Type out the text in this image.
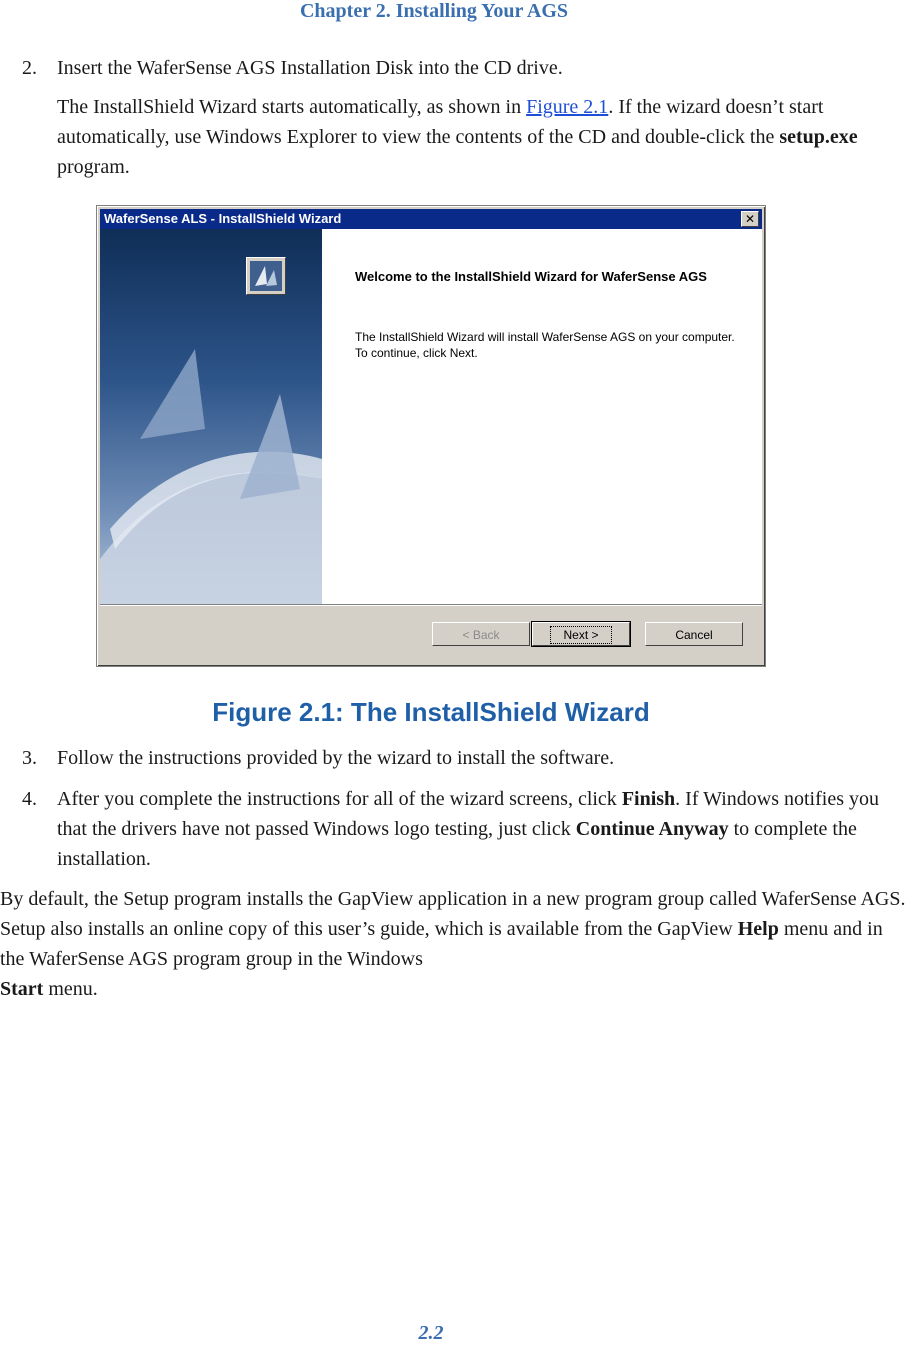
Chapter 2. Installing Your AGS
2.	Insert the WaferSense AGS Installation Disk into the CD drive.
The InstallShield Wizard starts automatically, as shown in Figure 2.1. If the wizard doesn’t start automatically, use Windows Explorer to view the contents of the CD and double-click the setup.exe program.
WaferSense ALS - InstallShield Wizard	✕
Welcome to the InstallShield Wizard for WaferSense AGS
The InstallShield Wizard will install WaferSense AGS on your computer. To continue, click Next.
< Back	Next >	Cancel
Figure 2.1: The InstallShield Wizard
3.	Follow the instructions provided by the wizard to install the software.
4.	After you complete the instructions for all of the wizard screens, click Finish. If Windows notifies you that the drivers have not passed Windows logo testing, just click Continue Anyway to complete the installation.
By default, the Setup program installs the GapView application in a new program group called WaferSense AGS. Setup also installs an online copy of this user’s guide, which is available from the GapView Help menu and in the WaferSense AGS program group in the Windows
Start menu.
2.2
